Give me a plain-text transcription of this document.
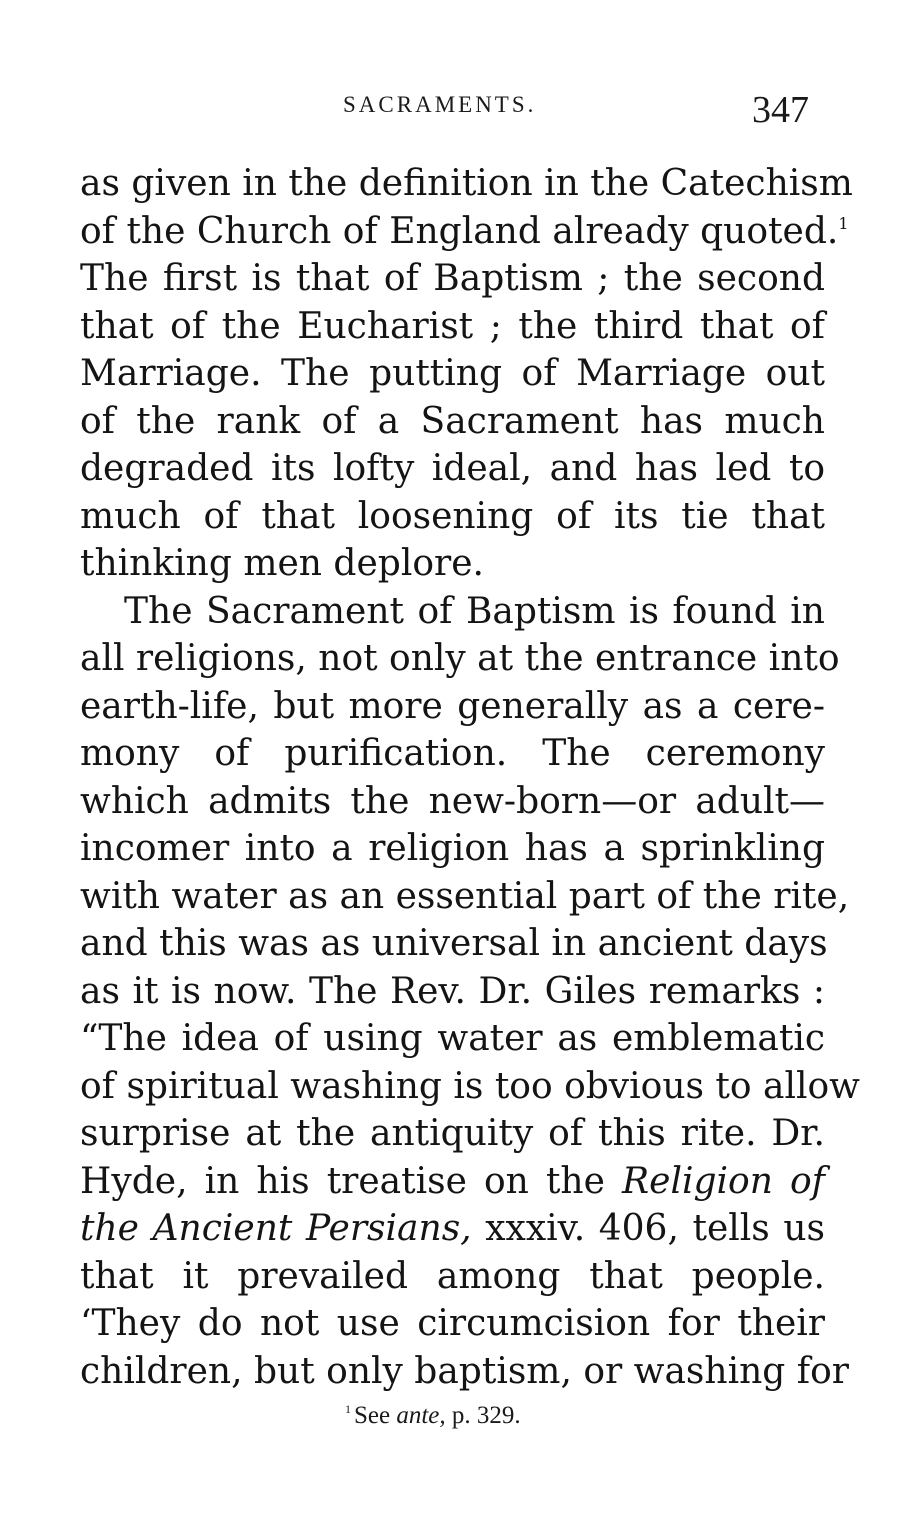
SACRAMENTS.	347
as given in the definition in the Catechism
of the Church of England already quoted.$^1$
The first is that of Baptism ; the second
that of the Eucharist ; the third that of
Marriage. The putting of Marriage out
of the rank of a Sacrament has much
degraded its lofty ideal, and has led to
much of that loosening of its tie that
thinking men deplore.
The Sacrament of Baptism is found in
all religions, not only at the entrance into
earth-life, but more generally as a cere-
mony of purification. The ceremony
which admits the new-born—or adult—
incomer into a religion has a sprinkling
with water as an essential part of the rite,
and this was as universal in ancient days
as it is now. The Rev. Dr. Giles remarks :
“The idea of using water as emblematic
of spiritual washing is too obvious to allow
surprise at the antiquity of this rite. Dr.
Hyde, in his treatise on the Religion of
the Ancient Persians, xxxiv. 406, tells us
that it prevailed among that people.
‘They do not use circumcision for their
children, but only baptism, or washing for
$^1$ See ante, p. 329.
